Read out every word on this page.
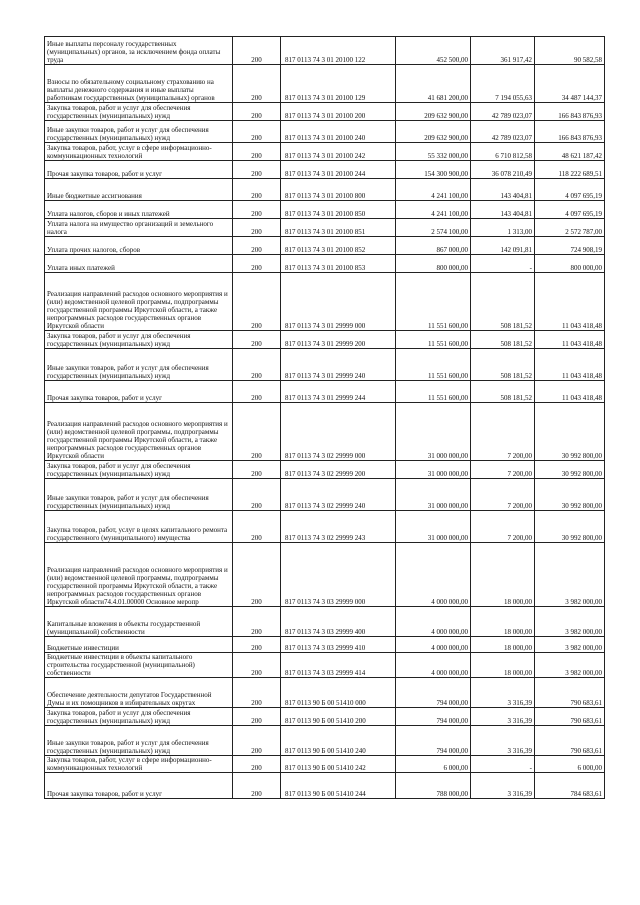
Иные выплаты персоналу государственных (муниципальных) органов, за исключением фонда оплаты труда	200	817 0113 74 3 01 20100 122	452 500,00	361 917,42	90 582,58
Взносы по обязательному социальному страхованию на выплаты денежного содержания и иные выплаты работникам государственных (муниципальных) органов	200	817 0113 74 3 01 20100 129	41 681 200,00	7 194 055,63	34 487 144,37
Закупка товаров, работ и услуг для обеспечения государственных (муниципальных) нужд	200	817 0113 74 3 01 20100 200	209 632 900,00	42 789 023,07	166 843 876,93
Иные закупки товаров, работ и услуг для обеспечения государственных (муниципальных) нужд	200	817 0113 74 3 01 20100 240	209 632 900,00	42 789 023,07	166 843 876,93
Закупка товаров, работ, услуг в сфере информационно-коммуникационных технологий	200	817 0113 74 3 01 20100 242	55 332 000,00	6 710 812,58	48 621 187,42
Прочая закупка товаров, работ и услуг	200	817 0113 74 3 01 20100 244	154 300 900,00	36 078 210,49	118 222 689,51
Иные бюджетные ассигнования	200	817 0113 74 3 01 20100 800	4 241 100,00	143 404,81	4 097 695,19
Уплата налогов, сборов и иных платежей	200	817 0113 74 3 01 20100 850	4 241 100,00	143 404,81	4 097 695,19
Уплата налога на имущество организаций и земельного налога	200	817 0113 74 3 01 20100 851	2 574 100,00	1 313,00	2 572 787,00
Уплата прочих налогов, сборов	200	817 0113 74 3 01 20100 852	867 000,00	142 091,81	724 908,19
Уплата иных платежей	200	817 0113 74 3 01 20100 853	800 000,00	-	800 000,00
Реализация направлений расходов основного мероприятия и (или) ведомственной целевой программы, подпрограммы государственной программы Иркутской области, а также непрограммных расходов государственных органов Иркутской области	200	817 0113 74 3 01 29999 000	11 551 600,00	508 181,52	11 043 418,48
Закупка товаров, работ и услуг для обеспечения государственных (муниципальных) нужд	200	817 0113 74 3 01 29999 200	11 551 600,00	508 181,52	11 043 418,48
Иные закупки товаров, работ и услуг для обеспечения государственных (муниципальных) нужд	200	817 0113 74 3 01 29999 240	11 551 600,00	508 181,52	11 043 418,48
Прочая закупка товаров, работ и услуг	200	817 0113 74 3 01 29999 244	11 551 600,00	508 181,52	11 043 418,48
Реализация направлений расходов основного мероприятия и (или) ведомственной целевой программы, подпрограммы государственной программы Иркутской области, а также непрограммных расходов государственных органов Иркутской области	200	817 0113 74 3 02 29999 000	31 000 000,00	7 200,00	30 992 800,00
Закупка товаров, работ и услуг для обеспечения государственных (муниципальных) нужд	200	817 0113 74 3 02 29999 200	31 000 000,00	7 200,00	30 992 800,00
Иные закупки товаров, работ и услуг для обеспечения государственных (муниципальных) нужд	200	817 0113 74 3 02 29999 240	31 000 000,00	7 200,00	30 992 800,00
Закупка товаров, работ, услуг в целях капитального ремонта государственного (муниципального) имущества	200	817 0113 74 3 02 29999 243	31 000 000,00	7 200,00	30 992 800,00
Реализация направлений расходов основного мероприятия и (или) ведомственной целевой программы, подпрограммы государственной программы Иркутской области, а также непрограммных расходов государственных органов Иркутской области74.4.01.00000 Основное меропр	200	817 0113 74 3 03 29999 000	4 000 000,00	18 000,00	3 982 000,00
Капитальные вложения в объекты государственной (муниципальной) собственности	200	817 0113 74 3 03 29999 400	4 000 000,00	18 000,00	3 982 000,00
Бюджетные инвестиции	200	817 0113 74 3 03 29999 410	4 000 000,00	18 000,00	3 982 000,00
Бюджетные инвестиции в объекты капитального строительства государственной (муниципальной) собственности	200	817 0113 74 3 03 29999 414	4 000 000,00	18 000,00	3 982 000,00
Обеспечение деятельности депутатов Государственной Думы и их помощников в избирательных округах	200	817 0113 90 Б 00 51410 000	794 000,00	3 316,39	790 683,61
Закупка товаров, работ и услуг для обеспечения государственных (муниципальных) нужд	200	817 0113 90 Б 00 51410 200	794 000,00	3 316,39	790 683,61
Иные закупки товаров, работ и услуг для обеспечения государственных (муниципальных) нужд	200	817 0113 90 Б 00 51410 240	794 000,00	3 316,39	790 683,61
Закупка товаров, работ, услуг в сфере информационно-коммуникационных технологий	200	817 0113 90 Б 00 51410 242	6 000,00	-	6 000,00
Прочая закупка товаров, работ и услуг	200	817 0113 90 Б 00 51410 244	788 000,00	3 316,39	784 683,61
